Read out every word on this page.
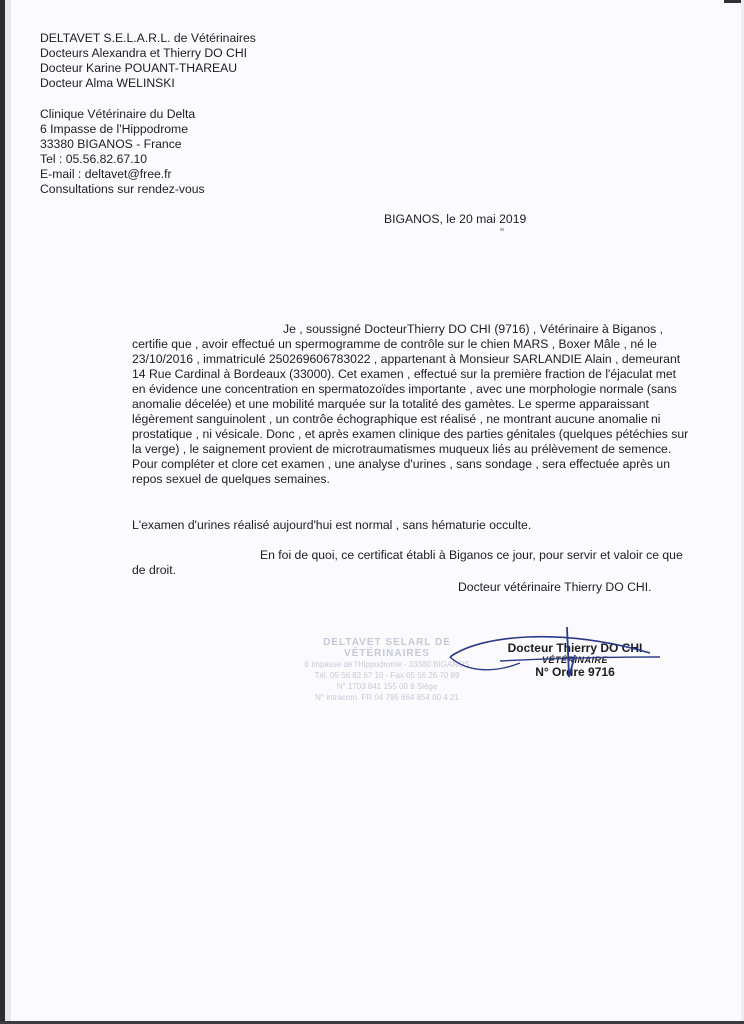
DELTAVET S.E.L.A.R.L. de Vétérinaires
Docteurs Alexandra et Thierry DO CHI
Docteur Karine POUANT-THAREAU
Docteur Alma WELINSKI
Clinique Vétérinaire du Delta
6 Impasse de l'Hippodrome
33380 BIGANOS - France
Tel : 05.56.82.67.10
E-mail : deltavet@free.fr
Consultations sur rendez-vous
BIGANOS, le 20 mai 2019
Je , soussigné DocteurThierry DO CHI (9716) , Vétérinaire à Biganos ,
certifie que , avoir effectué un spermogramme de contrôle sur le chien MARS , Boxer Mâle , né le
23/10/2016 , immatriculé 250269606783022 , appartenant à Monsieur SARLANDIE Alain , demeurant
14 Rue Cardinal à Bordeaux (33000). Cet examen , effectué sur la première fraction de l'éjaculat met
en évidence une concentration en spermatozoïdes importante , avec une morphologie normale (sans
anomalie décelée) et une mobilité marquée sur la totalité des gamètes. Le sperme apparaissant
légèrement sanguinolent , un contrôe échographique est réalisé , ne montrant aucune anomalie ni
prostatique , ni vésicale. Donc , et après examen clinique des parties génitales (quelques pétéchies sur
la verge) , le saignement provient de microtraumatismes muqueux liés au prélèvement de semence.
Pour compléter et clore cet examen , une analyse d'urines , sans sondage , sera effectuée après un
repos sexuel de quelques semaines.
L'examen d'urines réalisé aujourd'hui est normal , sans hématurie occulte.
En foi de quoi, ce certificat établi à Biganos ce jour, pour servir et valoir ce que
de droit.
Docteur vétérinaire Thierry DO CHI.
DELTAVET SELARL DE VÉTÉRINAIRES
6 Impasse de l'Hippodrome - 33380 BIGANOS
Tél. 05 56 82 67 10 - Fax 05 56 26 70 89
N° 1703 841 155 00 8 Siège
N° intracom. FR 04 795 664 854 00 4 21
Docteur Thierry DO CHI
VÉTÉRINAIRE
N° Ordre 9716
